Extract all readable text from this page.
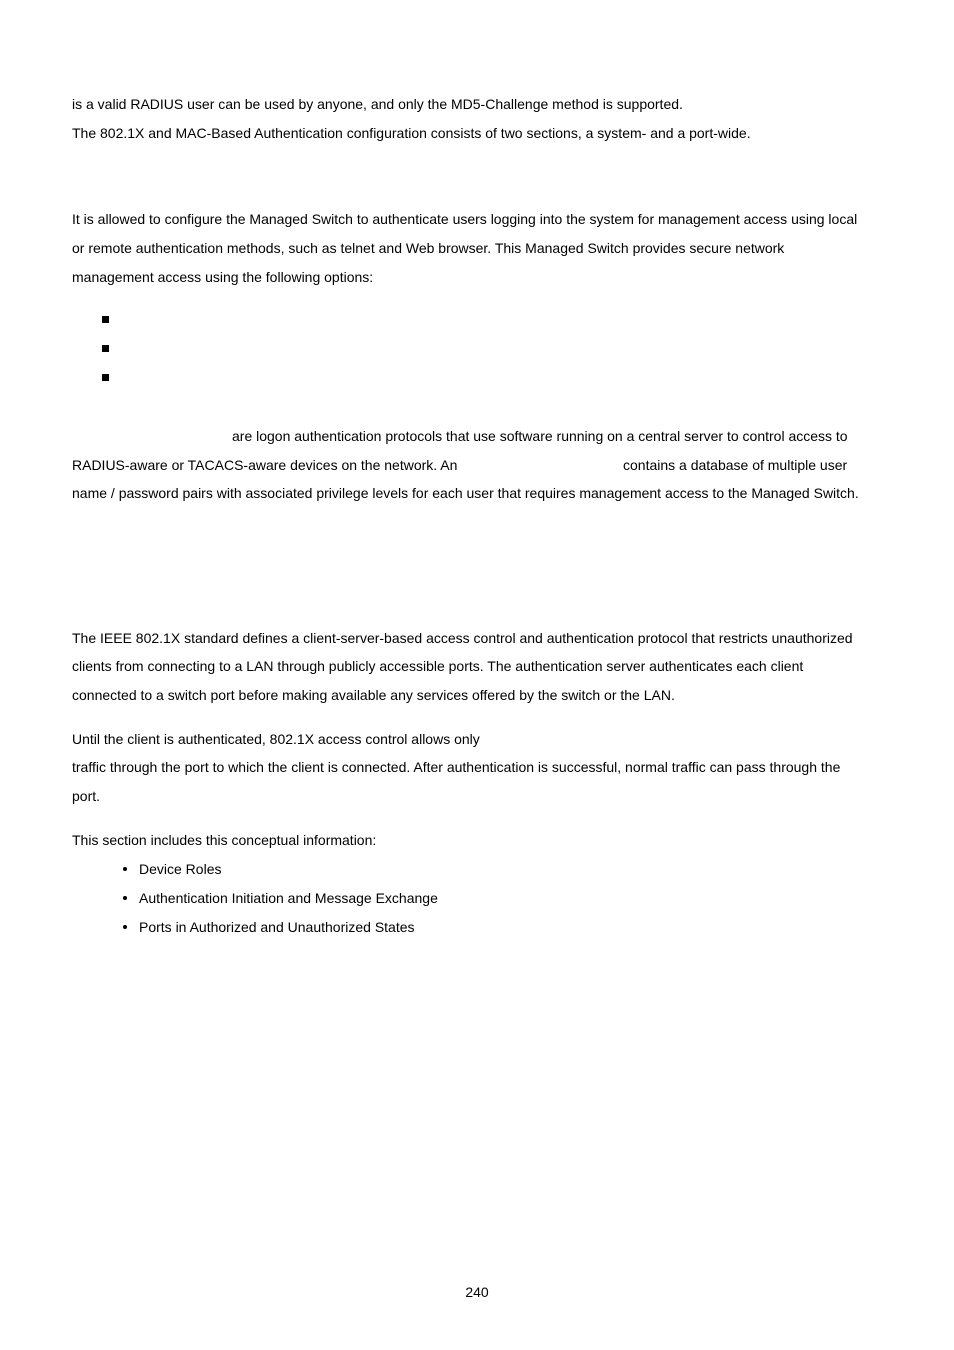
is a valid RADIUS user can be used by anyone, and only the MD5-Challenge method is supported.
The 802.1X and MAC-Based Authentication configuration consists of two sections, a system- and a port-wide.
It is allowed to configure the Managed Switch to authenticate users logging into the system for management access using local
or remote authentication methods, such as telnet and Web browser. This Managed Switch provides secure network
management access using the following options:
are logon authentication protocols that use software running on a central server to control access to
RADIUS-aware or TACACS-aware devices on the network. An	contains a database of multiple user
name / password pairs with associated privilege levels for each user that requires management access to the Managed Switch.
The IEEE 802.1X standard defines a client-server-based access control and authentication protocol that restricts unauthorized
clients from connecting to a LAN through publicly accessible ports. The authentication server authenticates each client
connected to a switch port before making available any services offered by the switch or the LAN.
Until the client is authenticated, 802.1X access control allows only
traffic through the port to which the client is connected. After authentication is successful, normal traffic can pass through the
port.
This section includes this conceptual information:
Device Roles
Authentication Initiation and Message Exchange
Ports in Authorized and Unauthorized States
240
